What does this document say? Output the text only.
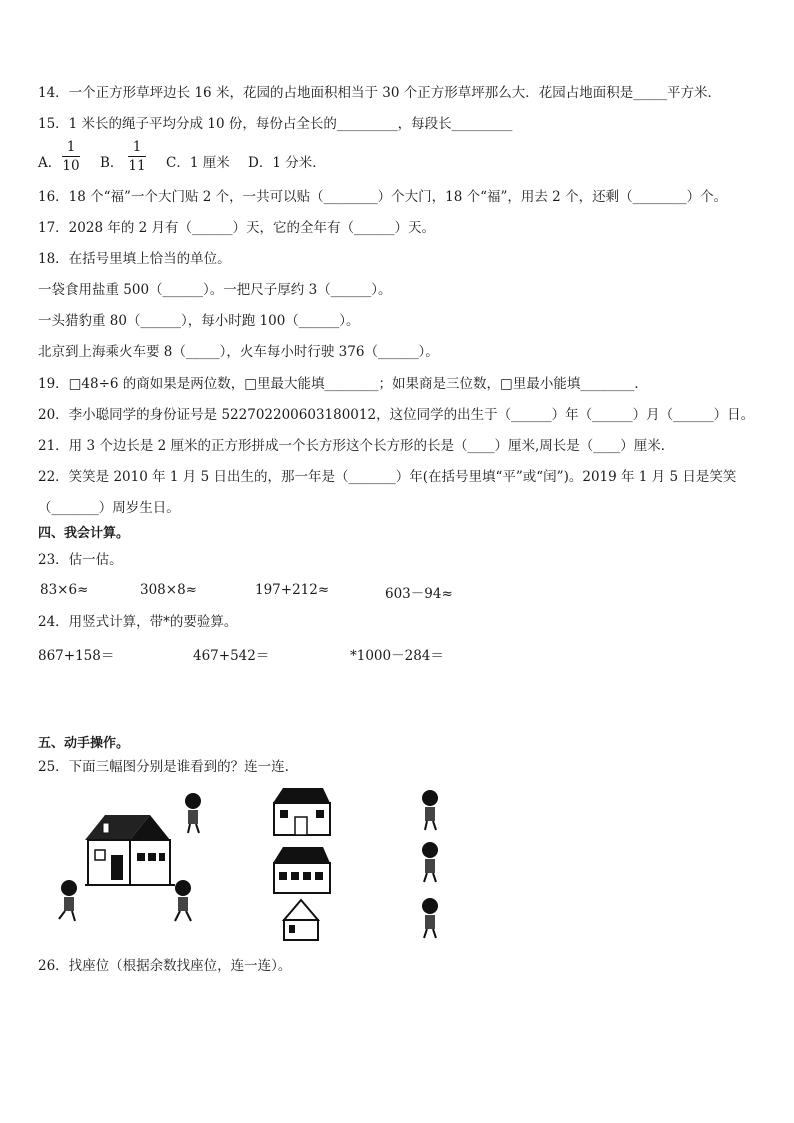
14．一个正方形草坪边长 16 米，花园的占地面积相当于 30 个正方形草坪那么大．花园占地面积是_____平方米．
15．1 米长的绳子平均分成 10 份，每份占全长的_________，每段长_________
A．
1
10 B．
1
11 C．1 厘米 D．1 分米．
16．18 个“福”一个大门贴 2 个，一共可以贴（________）个大门，18 个“福”，用去 2 个，还剩（________）个。
17．2028 年的 2 月有（______）天，它的全年有（______）天。
18．在括号里填上恰当的单位。
一袋食用盐重 500（______）。一把尺子厚约 3（______）。
一头猎豹重 80（______），每小时跑 100（______）。
北京到上海乘火车要 8（_____），火车每小时行驶 376（______）。
19．□48÷6 的商如果是两位数，□里最大能填________；如果商是三位数，□里最小能填________．
20．李小聪同学的身份证号是 522702200603180012，这位同学的出生于（______）年（______）月（______）日。
21．用 3 个边长是 2 厘米的正方形拼成一个长方形这个长方形的长是（____）厘米,周长是（____）厘米．
22．笑笑是 2010 年 1 月 5 日出生的，那一年是（_______）年(在括号里填“平”或“闰”)。2019 年 1 月 5 日是笑笑
（_______）周岁生日。
四、我会计算。
23．估一估。
83×6≈	308×8≈	197+212≈	603－94≈
24．用竖式计算，带*的要验算。
867+158＝	467+542＝	*1000－284＝
五、动手操作。
25．下面三幅图分别是谁看到的？连一连.
26．找座位（根据余数找座位，连一连）。
